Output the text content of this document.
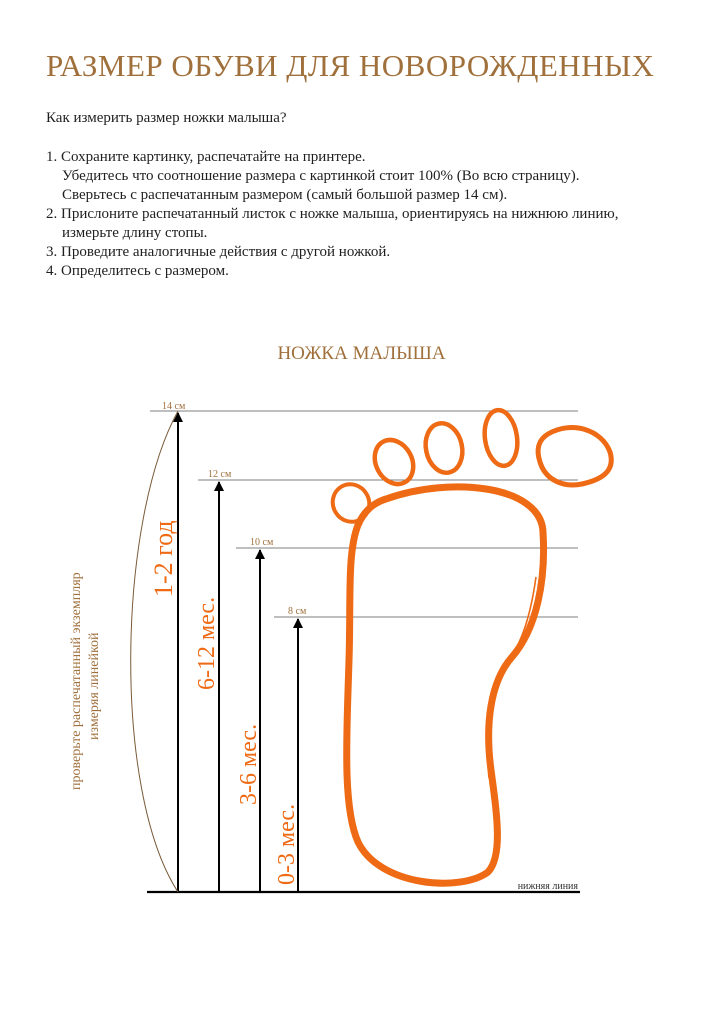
РАЗМЕР ОБУВИ ДЛЯ НОВОРОЖДЕННЫХ
Как измерить размер ножки малыша?
1. Сохраните картинку, распечатайте на принтере.
Убедитесь что соотношение размера с картинкой стоит 100% (Во всю страницу).
Сверьтесь с распечатанным размером (самый большой размер 14 см).
2. Прислоните распечатанный листок с ножке малыша, ориентируясь на нижнюю линию,
измерьте длину стопы.
3. Проведите аналогичные действия с другой ножкой.
4. Определитесь с размером.
НОЖКА МАЛЫША
нижняя линия
14 см
12 см
10 см
8 см
1-2 год
6-12 мес.
3-6 мес.
0-3 мес.
проверьте распечатанный экземпляр измеряя линейкой
